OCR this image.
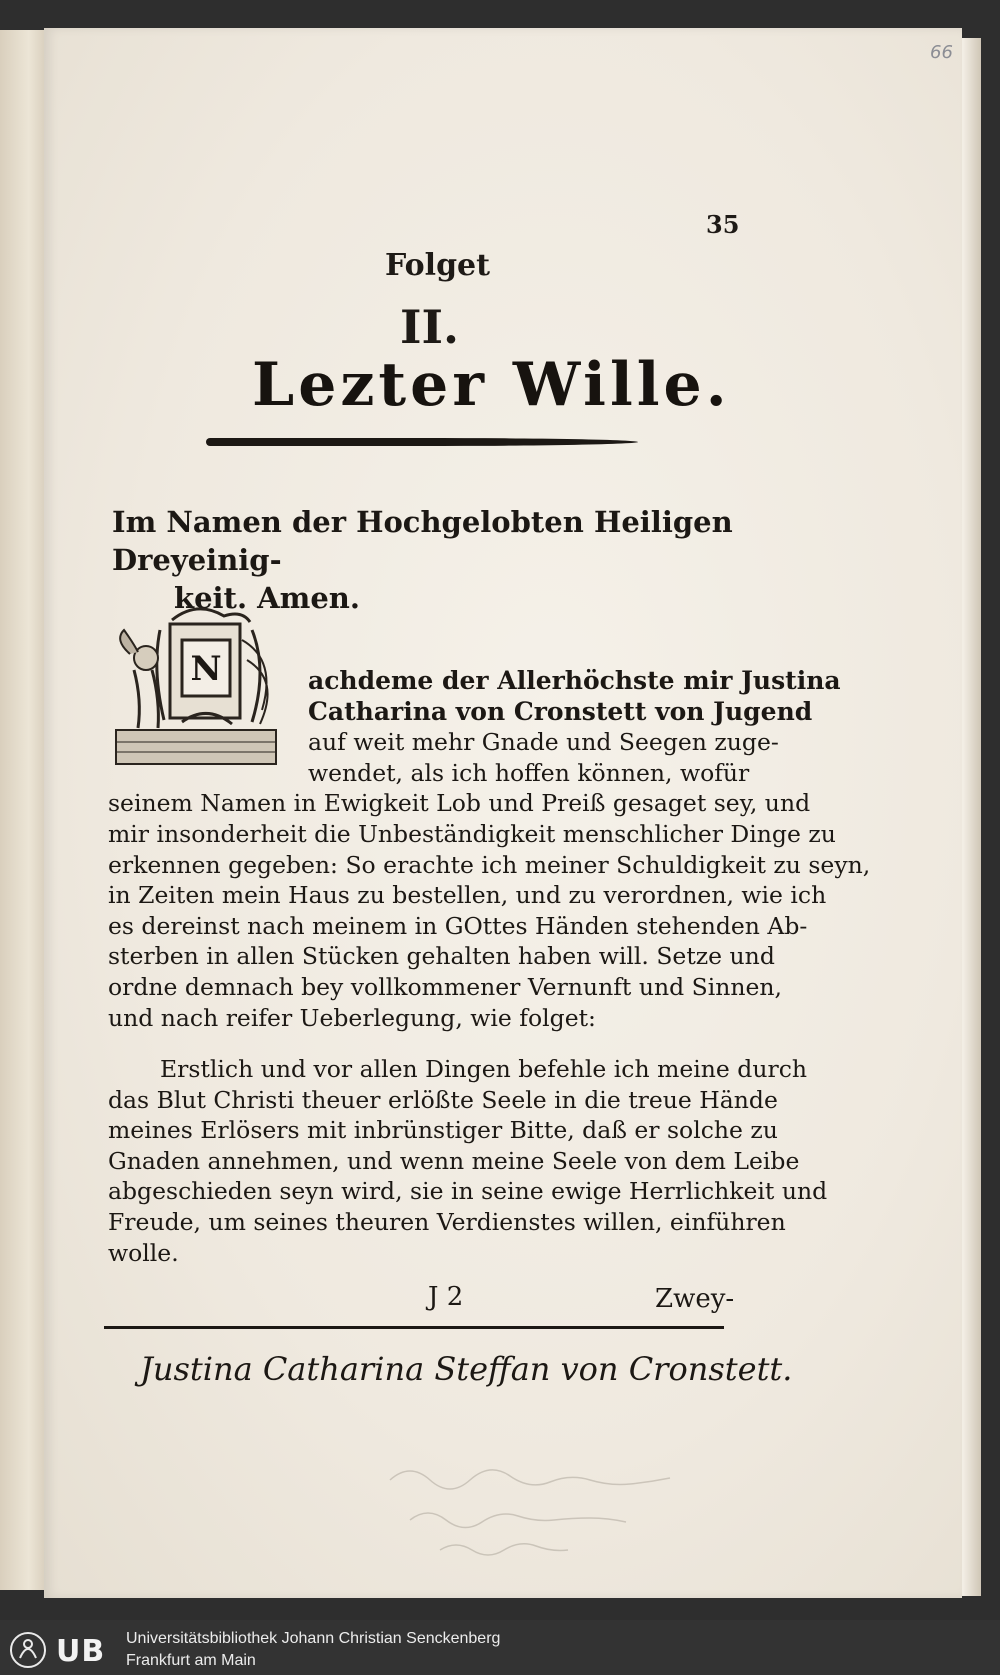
66
35
Folget
II.
Lezter Wille.
Im Namen der Hochgelobten Heiligen Dreyeinig-
keit. Amen.
N	achdeme der Allerhöchste mir Justina
Catharina von Cronstett von Jugend
auf weit mehr Gnade und Seegen zuge-
wendet, als ich hoffen können, wofür
seinem Namen in Ewigkeit Lob und Preiß gesaget sey, und
mir insonderheit die Unbeständigkeit menschlicher Dinge zu
erkennen gegeben: So erachte ich meiner Schuldigkeit zu seyn,
in Zeiten mein Haus zu bestellen, und zu verordnen, wie ich
es dereinst nach meinem in GOttes Händen stehenden Ab-
sterben in allen Stücken gehalten haben will. Setze und
ordne demnach bey vollkommener Vernunft und Sinnen,
und nach reifer Ueberlegung, wie folget:
Erstlich und vor allen Dingen befehle ich meine durch
das Blut Christi theuer erlößte Seele in die treue Hände
meines Erlösers mit inbrünstiger Bitte, daß er solche zu
Gnaden annehmen, und wenn meine Seele von dem Leibe
abgeschieden seyn wird, sie in seine ewige Herrlichkeit und
Freude, um seines theuren Verdienstes willen, einführen
wolle.
J 2	Zwey-
Justina Catharina Steffan von Cronstett.
UB Universitätsbibliothek Johann Christian Senckenberg
Frankfurt am Main
